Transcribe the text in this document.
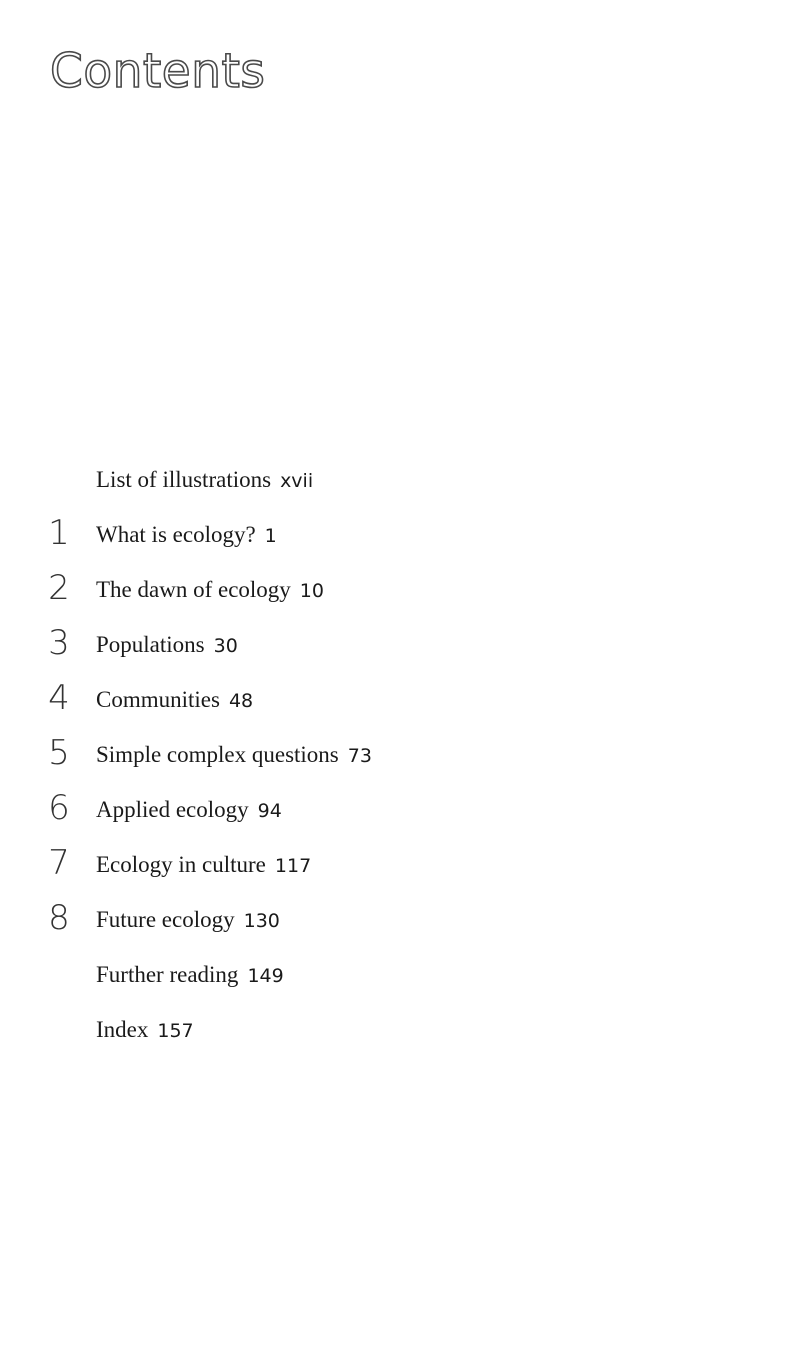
Contents
List of illustrations xvii
1 What is ecology? 1
2 The dawn of ecology 10
3 Populations 30
4 Communities 48
5 Simple complex questions 73
6 Applied ecology 94
7 Ecology in culture 117
8 Future ecology 130
Further reading 149
Index 157
